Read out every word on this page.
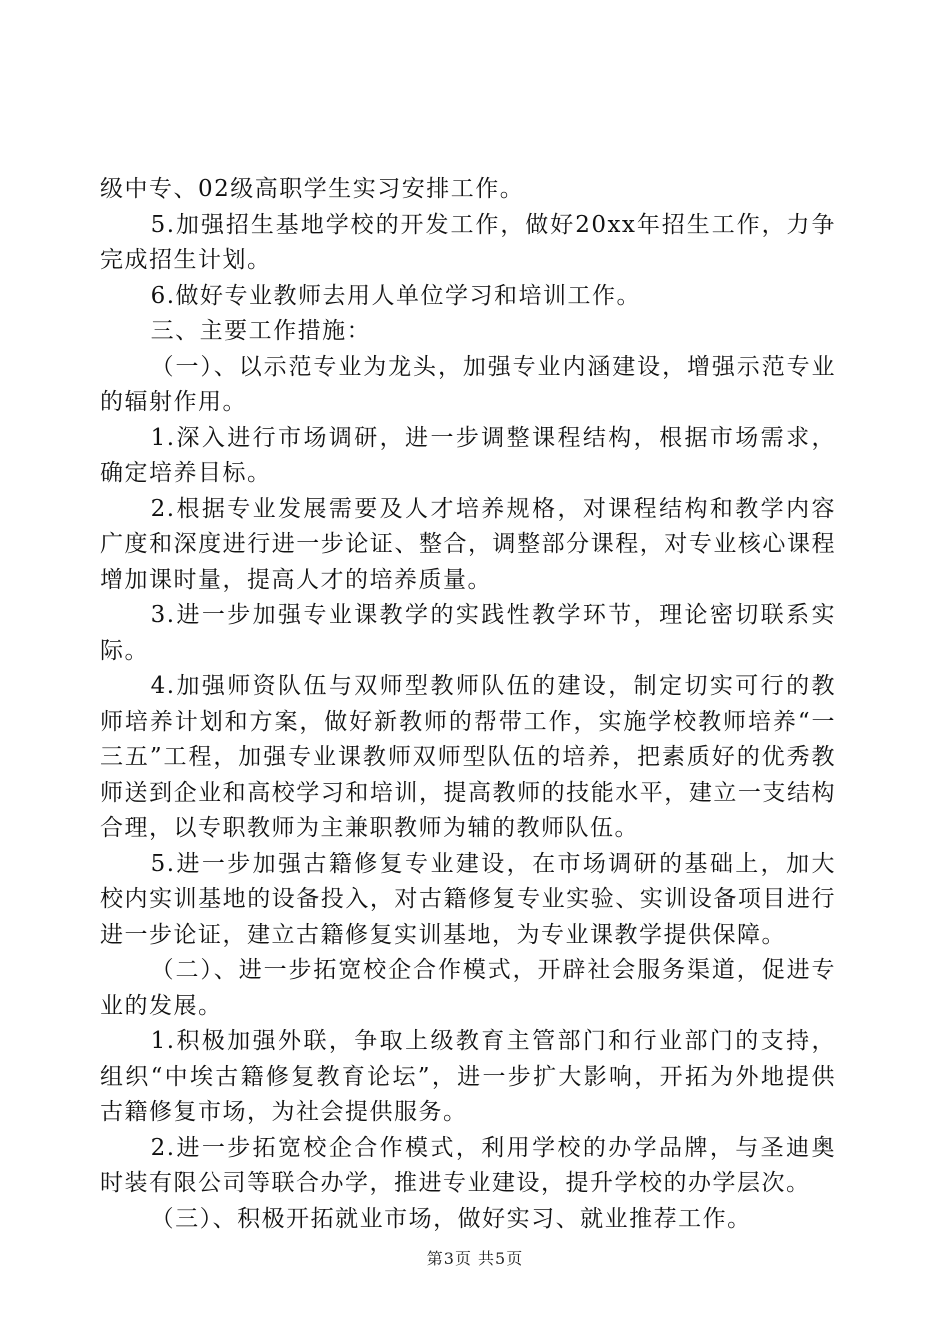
级中专、02级高职学生实习安排工作。

5.加强招生基地学校的开发工作，做好20xx年招生工作，力争完成招生计划。

6.做好专业教师去用人单位学习和培训工作。

三、主要工作措施：

（一）、以示范专业为龙头，加强专业内涵建设，增强示范专业的辐射作用。

1.深入进行市场调研，进一步调整课程结构，根据市场需求，确定培养目标。

2.根据专业发展需要及人才培养规格，对课程结构和教学内容广度和深度进行进一步论证、整合，调整部分课程，对专业核心课程增加课时量，提高人才的培养质量。

3.进一步加强专业课教学的实践性教学环节，理论密切联系实际。

4.加强师资队伍与双师型教师队伍的建设，制定切实可行的教师培养计划和方案，做好新教师的帮带工作，实施学校教师培养“一三五”工程，加强专业课教师双师型队伍的培养，把素质好的优秀教师送到企业和高校学习和培训，提高教师的技能水平，建立一支结构合理，以专职教师为主兼职教师为辅的教师队伍。

5.进一步加强古籍修复专业建设，在市场调研的基础上，加大校内实训基地的设备投入，对古籍修复专业实验、实训设备项目进行进一步论证，建立古籍修复实训基地，为专业课教学提供保障。

（二）、进一步拓宽校企合作模式，开辟社会服务渠道，促进专业的发展。

1.积极加强外联，争取上级教育主管部门和行业部门的支持，组织“中埃古籍修复教育论坛”，进一步扩大影响，开拓为外地提供古籍修复市场，为社会提供服务。

2.进一步拓宽校企合作模式，利用学校的办学品牌，与圣迪奥时装有限公司等联合办学，推进专业建设，提升学校的办学层次。

（三）、积极开拓就业市场，做好实习、就业推荐工作。

第3页 共5页
